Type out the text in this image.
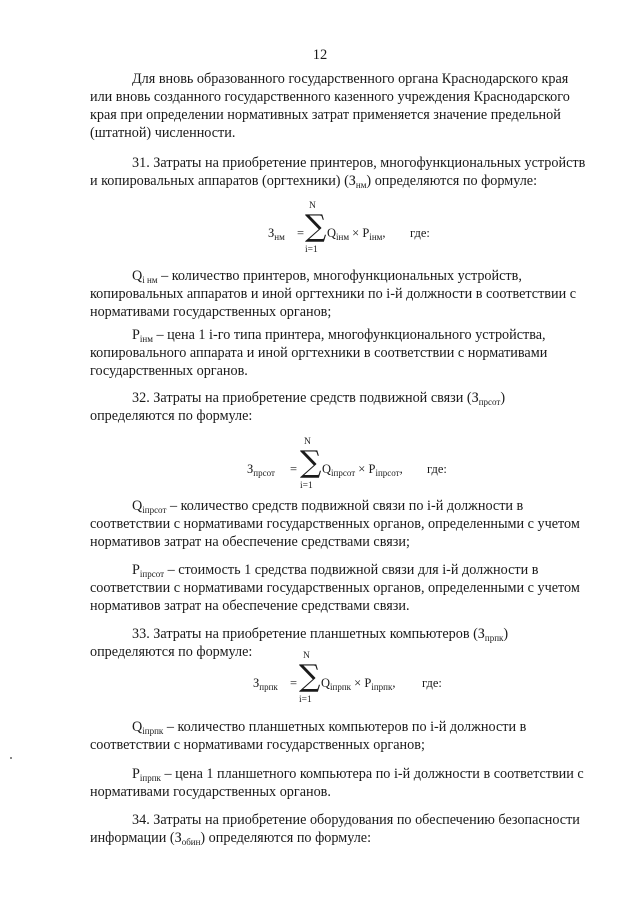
12
Для вновь образованного государственного органа Краснодарского края
или вновь созданного государственного казенного учреждения Краснодарского
края при определении нормативных затрат применяется значение предельной
(штатной) численности.
31. Затраты на приобретение принтеров, многофункциональных устройств
и копировальных аппаратов (оргтехники) $(З_{нм})$ определяются по формуле:
$З_{нм}$ =
N
∑
i=1
$Q_{iнм} \times P_{iнм}$, где:
$Q_{i нм}$ – количество принтеров, многофункциональных устройств,
копировальных аппаратов и иной оргтехники по i-й должности в соответствии с
нормативами государственных органов;
$P_{iнм}$ – цена 1 i-го типа принтера, многофункционального устройства,
копировального аппарата и иной оргтехники в соответствии с нормативами
государственных органов.
32. Затраты на приобретение средств подвижной связи $(З_{прсот})$
определяются по формуле:
$З_{прсот}$ =
N
∑
i=1
$Q_{iпрсот} \times P_{iпрсот}$, где:
$Q_{iпрсот}$ – количество средств подвижной связи по i-й должности в
соответствии с нормативами государственных органов, определенными с учетом
нормативов затрат на обеспечение средствами связи;
$P_{iпрсот}$ – стоимость 1 средства подвижной связи для i-й должности в
соответствии с нормативами государственных органов, определенными с учетом
нормативов затрат на обеспечение средствами связи.
33. Затраты на приобретение планшетных компьютеров $(З_{прпк})$
определяются по формуле:
$З_{прпк}$ =
N
∑
i=1
$Q_{iпрпк} \times P_{iпрпк}$, где:
$Q_{iпрпк}$ – количество планшетных компьютеров по i-й должности в
соответствии с нормативами государственных органов;
$P_{iпрпк}$ – цена 1 планшетного компьютера по i-й должности в соответствии с
нормативами государственных органов.
34. Затраты на приобретение оборудования по обеспечению безопасности
информации $(З_{обин})$ определяются по формуле:
